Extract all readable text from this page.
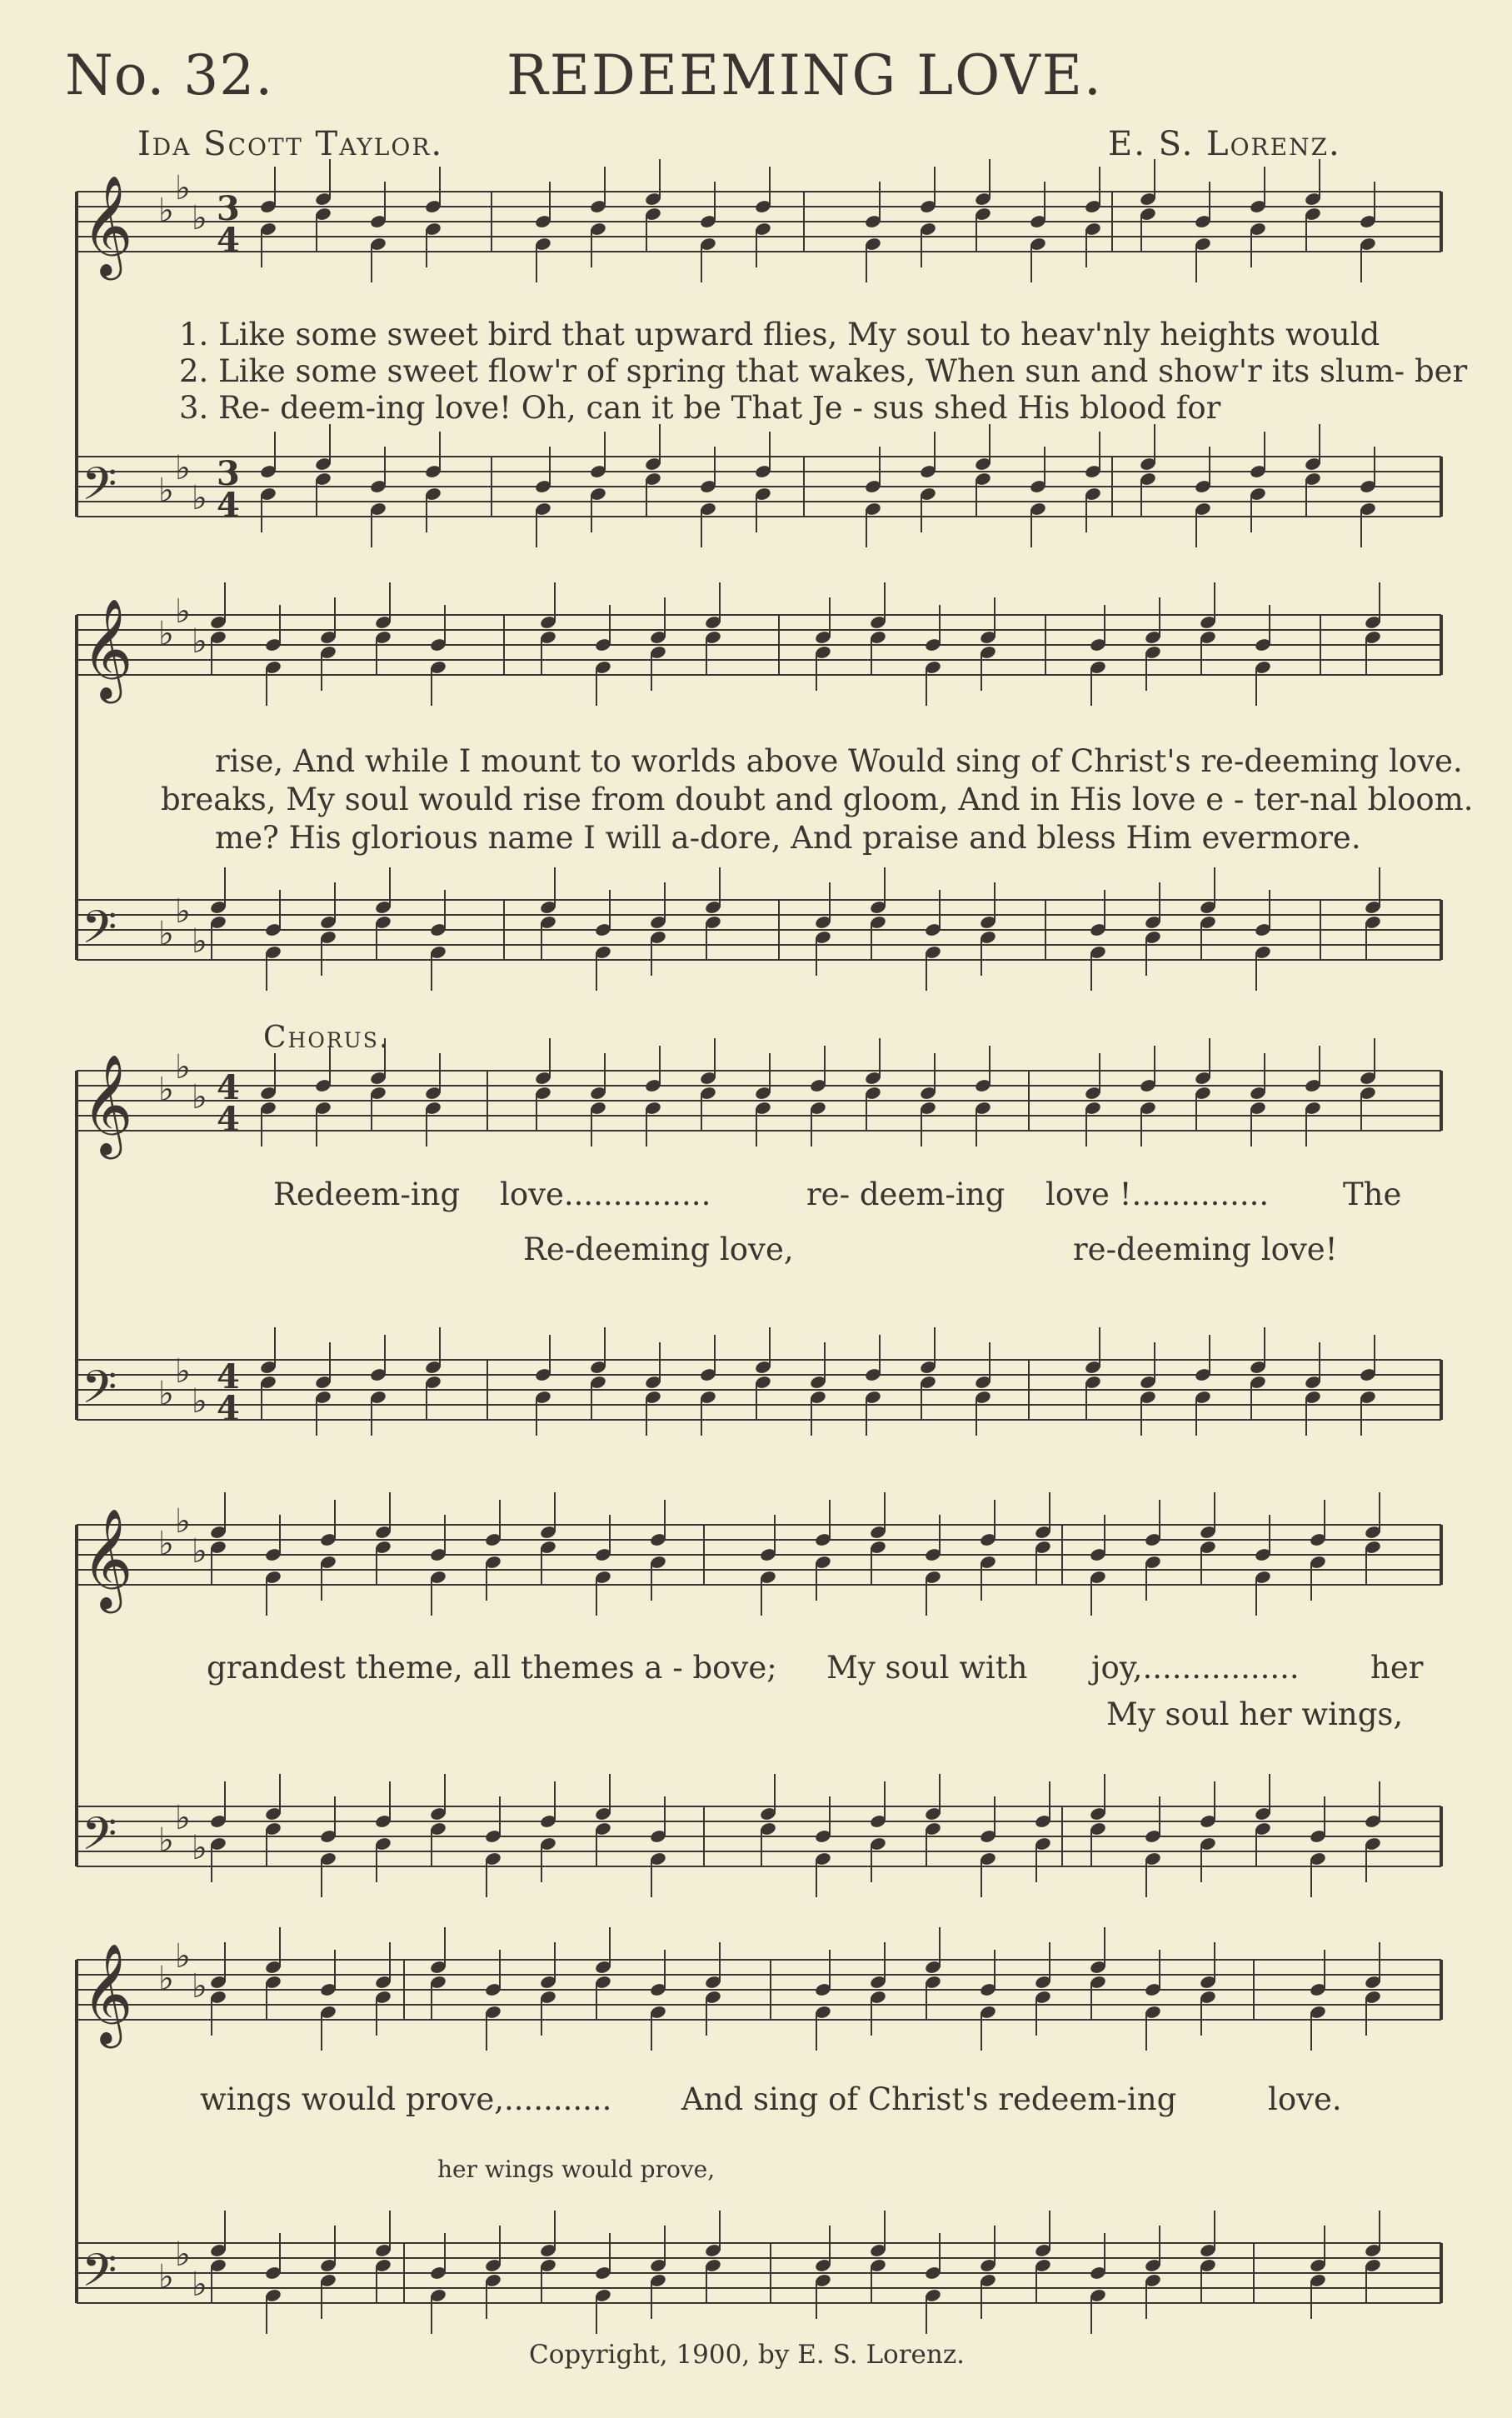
No. 32.	REDEEMING LOVE.
Ida Scott Taylor.	E. S. Lorenz.
𝄞 ♭
♭
♭ 3
4
𝄢 ♭
♭
♭
3
4
𝄞 ♭
♭
♭
𝄢 ♭
♭
♭
𝄞 ♭
♭
♭ 4
4
𝄢 ♭
♭
♭
4
4
𝄞 ♭
♭
♭
𝄢 ♭
♭
♭
𝄞 ♭
♭
♭
𝄢 ♭
♭
♭
1. Like some sweet bird that upward flies, My soul to heav'nly heights would
2. Like some sweet flow'r of spring that wakes, When sun and show'r its slum- ber
3. Re- deem-ing love! Oh, can it be That Je - sus shed His blood for
rise, And while I mount to worlds above Would sing of Christ's re-deeming love.
breaks, My soul would rise from doubt and gloom, And in His love e - ter-nal bloom.
me? His glorious name I will a-dore, And praise and bless Him evermore.
Chorus.
Redeem-ing love...............	re- deem-ing love !.............. The
Re-deeming love,	re-deeming love!
grandest theme, all themes a - bove; My soul with joy,................ her
My soul her wings,
wings would prove,........... And sing of Christ's redeem-ing	love.
her wings would prove,
Copyright, 1900, by E. S. Lorenz.
